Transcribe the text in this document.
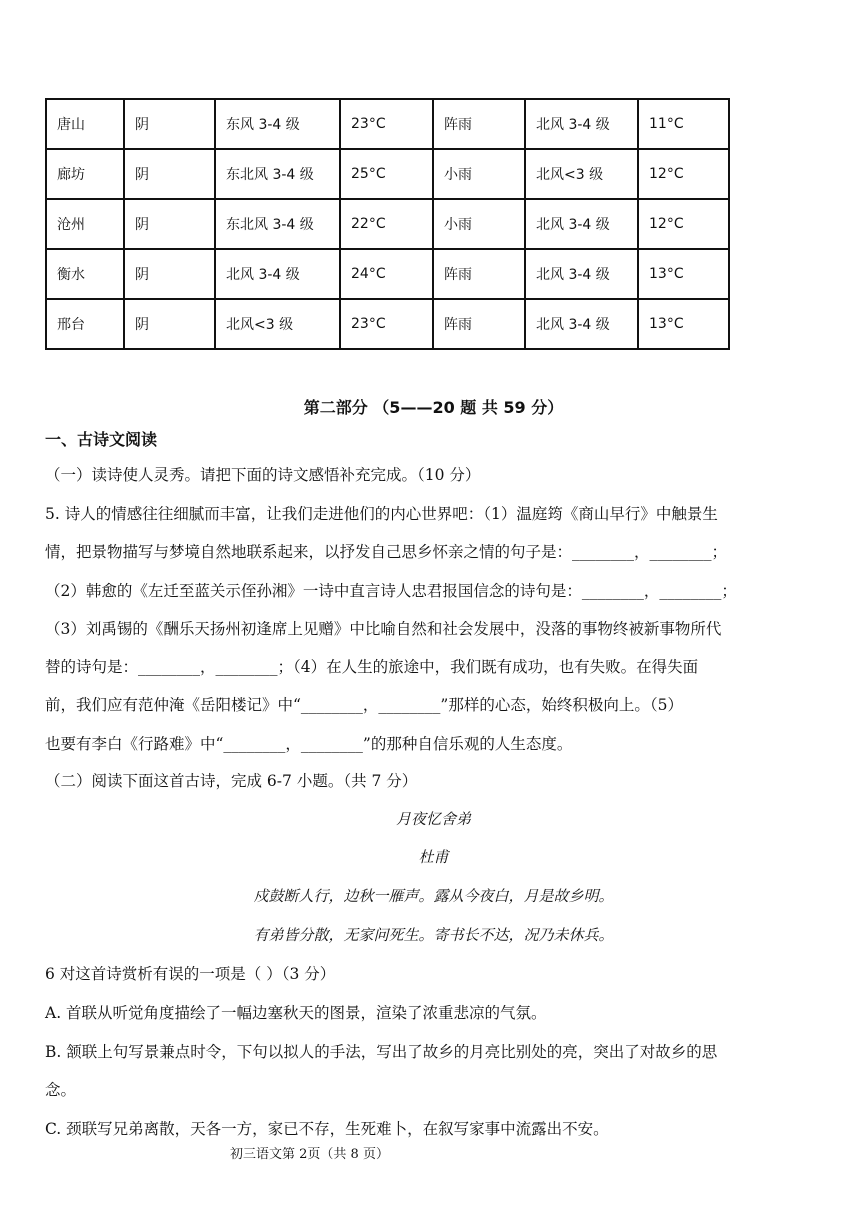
唐山	阴	东风 3-4 级	23°C	阵雨	北风 3-4 级	11°C
廊坊	阴	东北风 3-4 级	25°C	小雨	北风<3 级	12°C
沧州	阴	东北风 3-4 级	22°C	小雨	北风 3-4 级	12°C
衡水	阴	北风 3-4 级	24°C	阵雨	北风 3-4 级	13°C
邢台	阴	北风<3 级	23°C	阵雨	北风 3-4 级	13°C
第二部分 （5——20 题 共 59 分）
一、古诗文阅读
（一）读诗使人灵秀。请把下面的诗文感悟补充完成。（10 分）
5. 诗人的情感往往细腻而丰富，让我们走进他们的内心世界吧：（1）温庭筠《商山早行》中触景生
情，把景物描写与梦境自然地联系起来，以抒发自己思乡怀亲之情的句子是：________，________；
（2）韩愈的《左迁至蓝关示侄孙湘》一诗中直言诗人忠君报国信念的诗句是：________，________；
（3）刘禹锡的《酬乐天扬州初逢席上见赠》中比喻自然和社会发展中，没落的事物终被新事物所代
替的诗句是：________，________；（4）在人生的旅途中，我们既有成功，也有失败。在得失面
前，我们应有范仲淹《岳阳楼记》中“________，________”那样的心态，始终积极向上。（5）
也要有李白《行路难》中“________，________”的那种自信乐观的人生态度。
（二）阅读下面这首古诗，完成 6-7 小题。（共 7 分）
月夜忆舍弟
杜甫
戍鼓断人行，边秋一雁声。露从今夜白，月是故乡明。
有弟皆分散，无家问死生。寄书长不达，况乃未休兵。
6 对这首诗赏析有误的一项是（ ）（3 分）
A. 首联从听觉角度描绘了一幅边塞秋天的图景，渲染了浓重悲凉的气氛。
B. 颔联上句写景兼点时令，下句以拟人的手法，写出了故乡的月亮比别处的亮，突出了对故乡的思
念。
C. 颈联写兄弟离散，天各一方，家已不存，生死难卜，在叙写家事中流露出不安。
初三语文第 2页（共 8 页）
